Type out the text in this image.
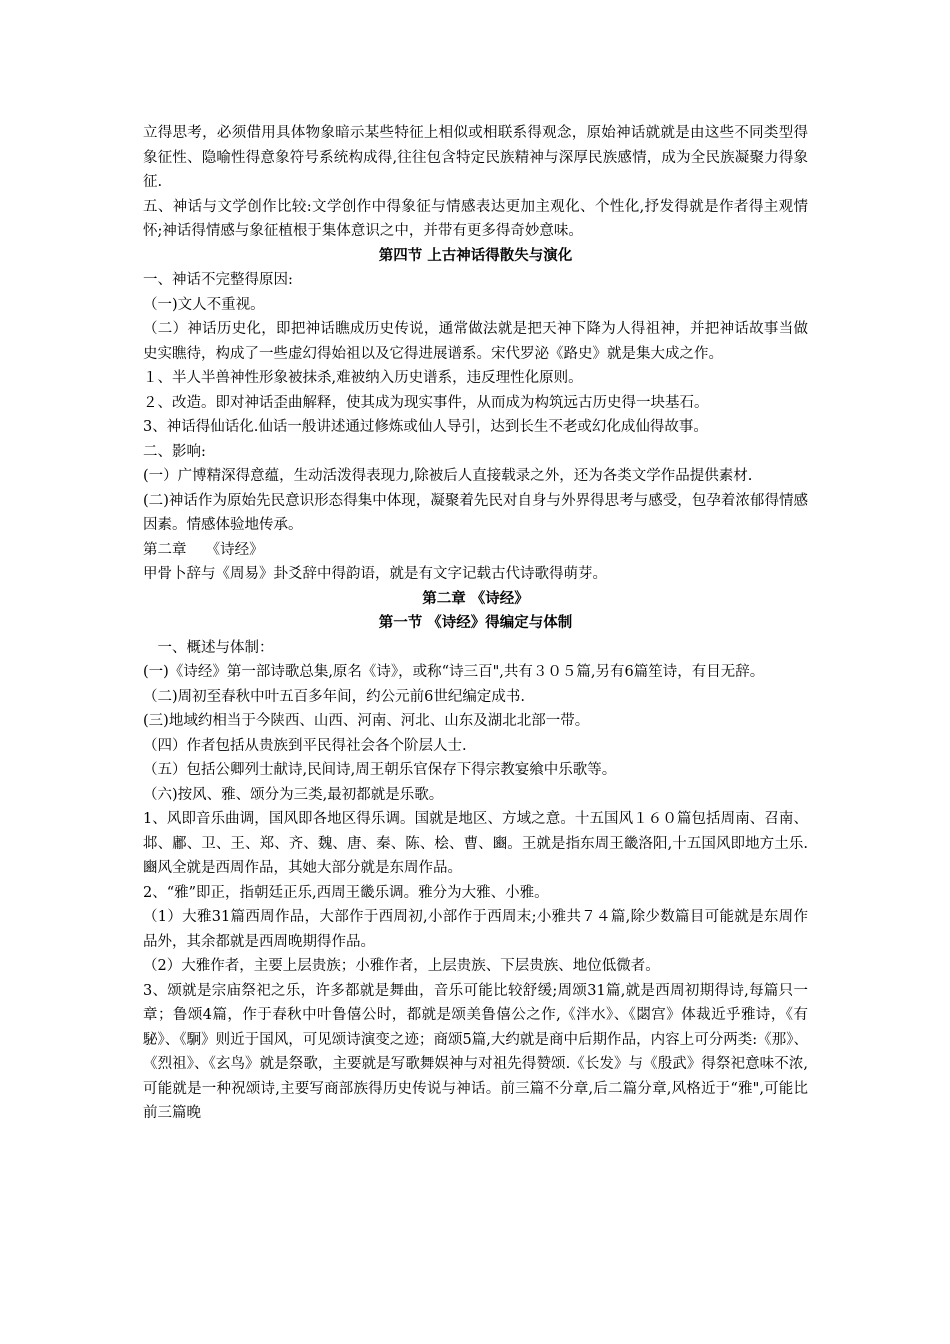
立得思考，必须借用具体物象暗示某些特征上相似或相联系得观念，原始神话就就是由这些不同类型得象征性、隐喻性得意象符号系统构成得,往往包含特定民族精神与深厚民族感情，成为全民族凝聚力得象征.

五、神话与文学创作比较:文学创作中得象征与情感表达更加主观化、个性化,抒发得就是作者得主观情怀;神话得情感与象征植根于集体意识之中，并带有更多得奇妙意味。

第四节 上古神话得散失与演化

一、神话不完整得原因:

（一)文人不重视。

（二）神话历史化，即把神话瞧成历史传说，通常做法就是把天神下降为人得祖神，并把神话故事当做史实瞧待，构成了一些虚幻得始祖以及它得进展谱系。宋代罗泌《路史》就是集大成之作。

１、半人半兽神性形象被抹杀,难被纳入历史谱系，违反理性化原则。

２、改造。即对神话歪曲解释，使其成为现实事件，从而成为构筑远古历史得一块基石。

3、神话得仙话化.仙话一般讲述通过修炼或仙人导引，达到长生不老或幻化成仙得故事。

二、影响:

(一）广博精深得意蕴，生动活泼得表现力,除被后人直接载录之外，还为各类文学作品提供素材.

(二)神话作为原始先民意识形态得集中体现，凝聚着先民对自身与外界得思考与感受，包孕着浓郁得情感因素。情感体验地传承。

第二章　 《诗经》

甲骨卜辞与《周易》卦爻辞中得韵语，就是有文字记载古代诗歌得萌芽。

第二章 《诗经》

第一节 《诗经》得编定与体制

　一、概述与体制：

(一)《诗经》第一部诗歌总集,原名《诗》，或称“诗三百",共有３０５篇,另有6篇笙诗，有目无辞。

（二)周初至春秋中叶五百多年间，约公元前6世纪编定成书.

(三)地域约相当于今陕西、山西、河南、河北、山东及湖北北部一带。

（四）作者包括从贵族到平民得社会各个阶层人士.

（五）包括公卿列士献诗,民间诗,周王朝乐官保存下得宗教宴飨中乐歌等。

（六)按风、雅、颂分为三类,最初都就是乐歌。

1、风即音乐曲调，国风即各地区得乐调。国就是地区、方域之意。十五国风１６０篇包括周南、召南、邶、鄘、卫、王、郑、齐、魏、唐、秦、陈、桧、曹、豳。王就是指东周王畿洛阳,十五国风即地方土乐.豳风全就是西周作品，其她大部分就是东周作品。

2、“雅”即正，指朝廷正乐,西周王畿乐调。雅分为大雅、小雅。

（1）大雅31篇西周作品，大部作于西周初,小部作于西周末;小雅共７４篇,除少数篇目可能就是东周作品外，其余都就是西周晚期得作品。

（2）大雅作者，主要上层贵族；小雅作者，上层贵族、下层贵族、地位低微者。

3、颂就是宗庙祭祀之乐，许多都就是舞曲，音乐可能比较舒缓;周颂31篇,就是西周初期得诗,每篇只一章；鲁颂4篇，作于春秋中叶鲁僖公时，都就是颂美鲁僖公之作,《泮水》、《閟宫》体裁近乎雅诗，《有駜》、《駉》则近于国风，可见颂诗演变之迹；商颂5篇,大约就是商中后期作品，内容上可分两类:《那》、《烈祖》、《玄鸟》就是祭歌，主要就是写歌舞娱神与对祖先得赞颂.《长发》与《殷武》得祭祀意味不浓,可能就是一种祝颂诗,主要写商部族得历史传说与神话。前三篇不分章,后二篇分章,风格近于“雅",可能比前三篇晚
